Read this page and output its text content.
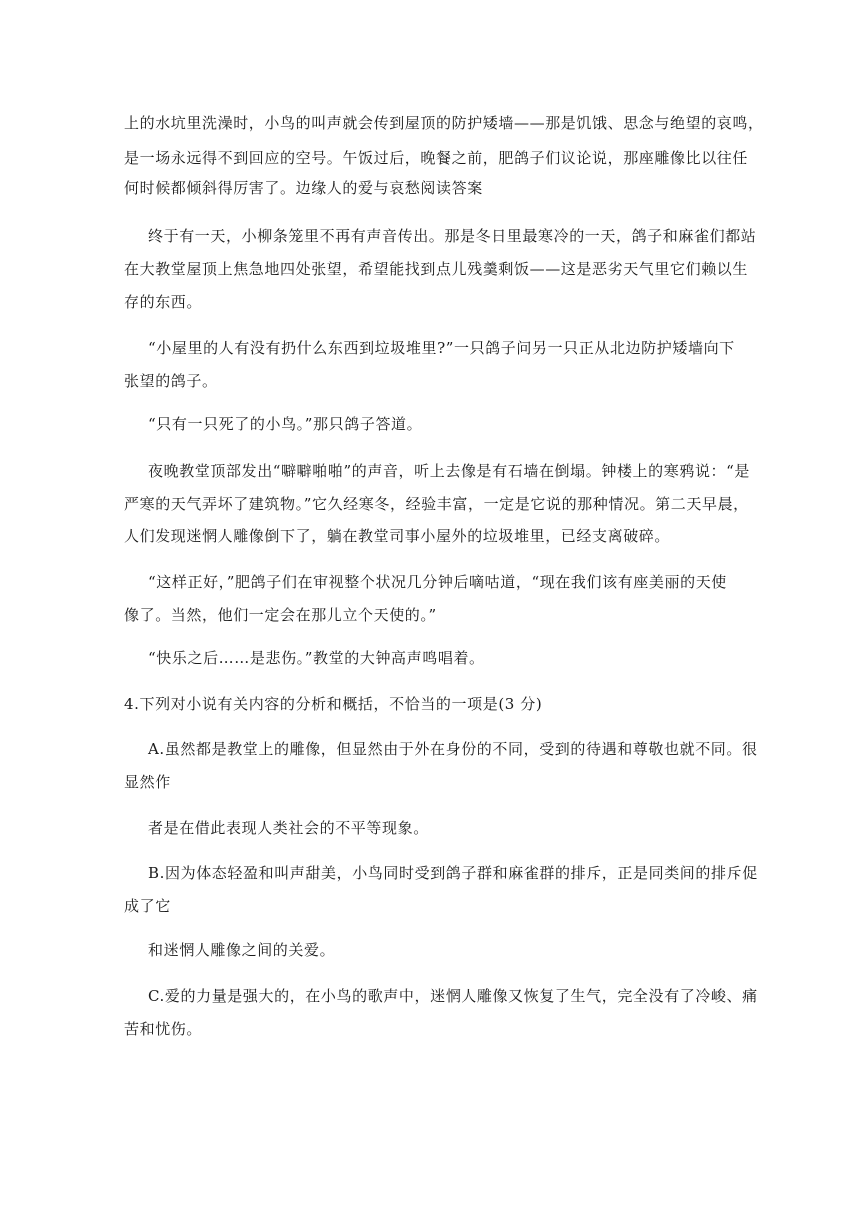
上的水坑里洗澡时，小鸟的叫声就会传到屋顶的防护矮墙——那是饥饿、思念与绝望的哀鸣，
是一场永远得不到回应的空号。午饭过后，晚餐之前，肥鸽子们议论说，那座雕像比以往任
何时候都倾斜得厉害了。边缘人的爱与哀愁阅读答案
终于有一天，小柳条笼里不再有声音传出。那是冬日里最寒冷的一天，鸽子和麻雀们都站
在大教堂屋顶上焦急地四处张望，希望能找到点儿残羹剩饭——这是恶劣天气里它们赖以生
存的东西。
“小屋里的人有没有扔什么东西到垃圾堆里?”一只鸽子问另一只正从北边防护矮墙向下
张望的鸽子。
“只有一只死了的小鸟。”那只鸽子答道。
夜晚教堂顶部发出“噼噼啪啪”的声音，听上去像是有石墙在倒塌。钟楼上的寒鸦说：“是
严寒的天气弄坏了建筑物。”它久经寒冬，经验丰富，一定是它说的那种情况。第二天早晨，
人们发现迷惘人雕像倒下了，躺在教堂司事小屋外的垃圾堆里，已经支离破碎。
“这样正好，”肥鸽子们在审视整个状况几分钟后嘀咕道，“现在我们该有座美丽的天使
像了。当然，他们一定会在那儿立个天使的。”
“快乐之后……是悲伤。”教堂的大钟高声鸣唱着。
4.下列对小说有关内容的分析和概括，不恰当的一项是(3 分)
A.虽然都是教堂上的雕像，但显然由于外在身份的不同，受到的待遇和尊敬也就不同。很
显然作
者是在借此表现人类社会的不平等现象。
B.因为体态轻盈和叫声甜美，小鸟同时受到鸽子群和麻雀群的排斥，正是同类间的排斥促
成了它
和迷惘人雕像之间的关爱。
C.爱的力量是强大的，在小鸟的歌声中，迷惘人雕像又恢复了生气，完全没有了冷峻、痛
苦和忧伤。
